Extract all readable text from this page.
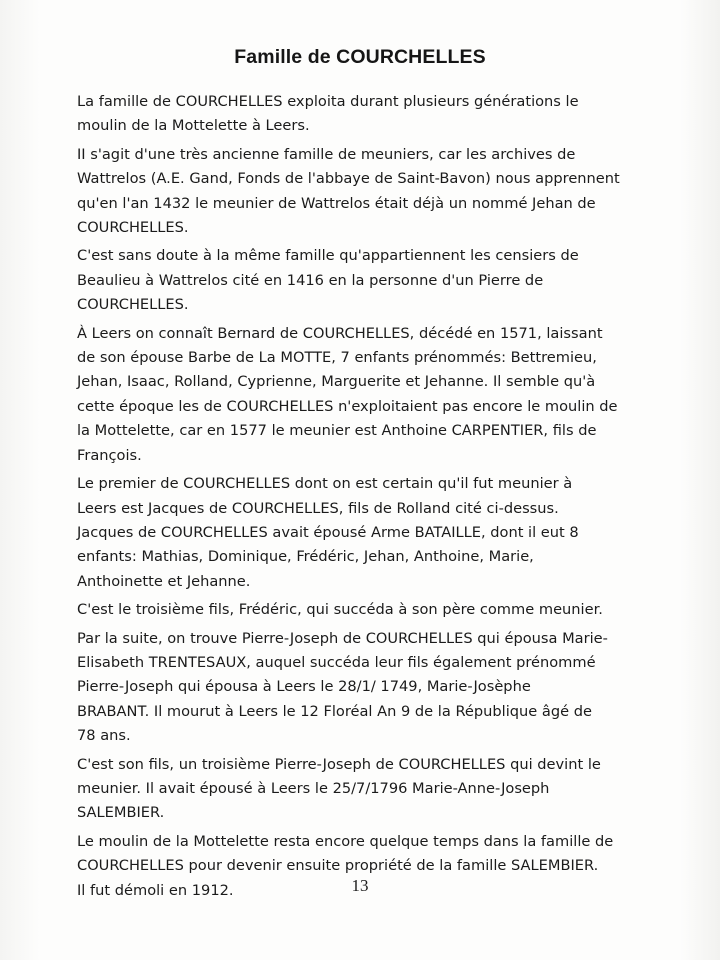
Famille de COURCHELLES
La famille de COURCHELLES exploita durant plusieurs générations le
moulin de la Mottelette à Leers.
II s'agit d'une très ancienne famille de meuniers, car les archives de
Wattrelos (A.E. Gand, Fonds de l'abbaye de Saint-Bavon) nous apprennent
qu'en l'an 1432 le meunier de Wattrelos était déjà un nommé Jehan de
COURCHELLES.
C'est sans doute à la même famille qu'appartiennent les censiers de
Beaulieu à Wattrelos cité en 1416 en la personne d'un Pierre de
COURCHELLES.
À Leers on connaît Bernard de COURCHELLES, décédé en 1571, laissant
de son épouse Barbe de La MOTTE, 7 enfants prénommés: Bettremieu,
Jehan, Isaac, Rolland, Cyprienne, Marguerite et Jehanne. Il semble qu'à
cette époque les de COURCHELLES n'exploitaient pas encore le moulin de
la Mottelette, car en 1577 le meunier est Anthoine CARPENTIER, fils de
François.
Le premier de COURCHELLES dont on est certain qu'il fut meunier à
Leers est Jacques de COURCHELLES, fils de Rolland cité ci-dessus.
Jacques de COURCHELLES avait épousé Arme BATAILLE, dont il eut 8
enfants: Mathias, Dominique, Frédéric, Jehan, Anthoine, Marie,
Anthoinette et Jehanne.
C'est le troisième fils, Frédéric, qui succéda à son père comme meunier.
Par la suite, on trouve Pierre-Joseph de COURCHELLES qui épousa Marie-
Elisabeth TRENTESAUX, auquel succéda leur fils également prénommé
Pierre-Joseph qui épousa à Leers le 28/1/ 1749, Marie-Josèphe
BRABANT. Il mourut à Leers le 12 Floréal An 9 de la République âgé de
78 ans.
C'est son fils, un troisième Pierre-Joseph de COURCHELLES qui devint le
meunier. Il avait épousé à Leers le 25/7/1796 Marie-Anne-Joseph
SALEMBIER.
Le moulin de la Mottelette resta encore quelque temps dans la famille de
COURCHELLES pour devenir ensuite propriété de la famille SALEMBIER.
Il fut démoli en 1912.	13
